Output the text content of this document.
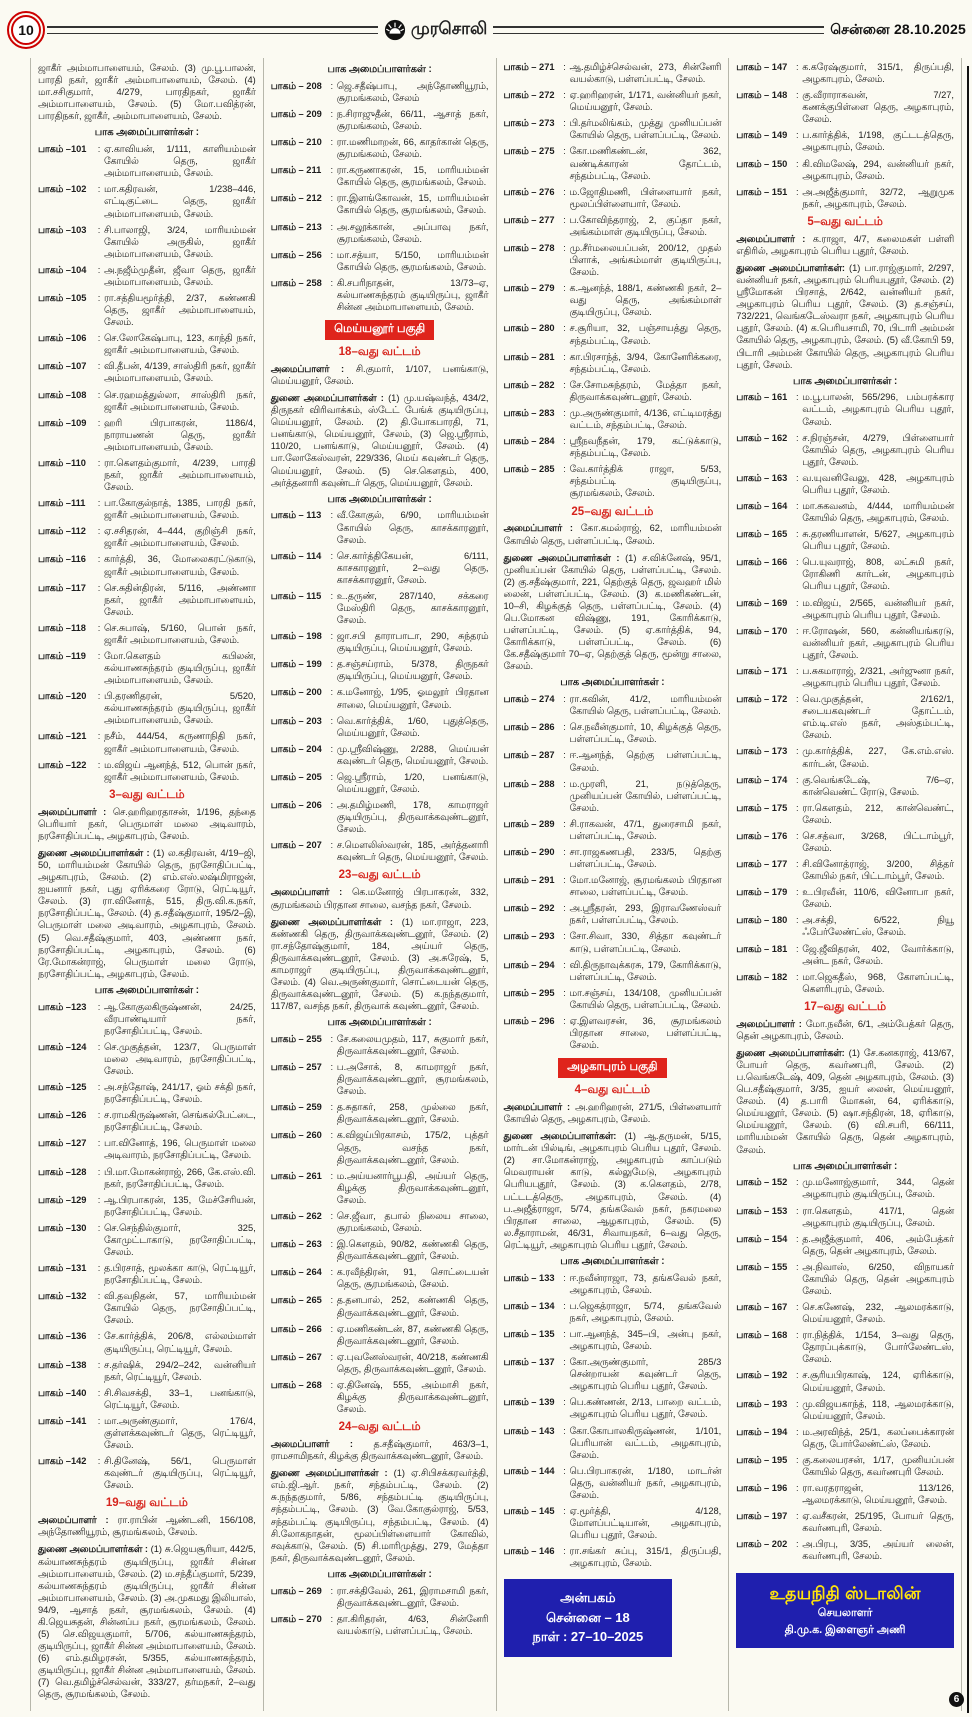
10	முரசொலி	சென்னை 28.10.2025

ஜாகீர் அம்மாபாளையம், சேலம். (3) மு.பூ.பாலன், பாரதி நகர், ஜாகீர் அம்மாபாளையம், சேலம். (4) மா.சசிகுமார், 4/279, பாரதிநகர், ஜாகீர் அம்மாபாளையம், சேலம். (5) மோ.பவித்ரன், பாரதிநகர், ஜாகீர், அம்மாபாளையம், சேலம்.

பாக அமைப்பாளர்கள் :
பாகம் –101	: ஏ.காவியன், 1/111, காளியம்மன் கோயில் தெரு, ஜாகீர் அம்மாபாளையம், சேலம்.
பாகம் –102	: மா.கதிரவன், 1/238–446, எட்டிகுட்டை தெரு, ஜாகீர் அம்மாபாளையம், சேலம்.
பாகம் –103	: சி.பாலாஜி, 3/24, மாரியம்மன் கோயில் அருகில், ஜாகீர் அம்மாபாளையம், சேலம்.
பாகம் –104	: அ.நஜீம்முதீன், ஜீவா தெரு, ஜாகீர் அம்மாபாளையம், சேலம்.
பாகம் –105	: ரா.சத்தியமூர்த்தி, 2/37, கண்ணகி தெரு, ஜாகீர் அம்மாபாளையம், சேலம்.
பாகம் –106	: செ.லோகேஷ்பாபு, 123, காந்தி நகர், ஜாகீர் அம்மாபாளையம், சேலம்.
பாகம் –107	: வி.தீபன், 4/139, சாஸ்திரி நகர், ஜாகீர் அம்மாபாளையம், சேலம்.
பாகம் –108	: செ.ரஹமத்துல்லா, சாஸ்திரி நகர், ஜாகீர் அம்மாபாளையம், சேலம்.
பாகம் –109	: ஹரி பிரபாகரன், 1186/4, நாராயணன் தெரு, ஜாகீர் அம்மாபாளையம், சேலம்.
பாகம் –110	: ரா.கௌதம்குமார், 4/239, பாரதி நகர், ஜாகீர் அம்மாபாளையம், சேலம்.
பாகம் –111	: பா.கோகுல்நாத், 1385, பாரதி நகர், ஜாகீர் அம்மாபாளையம், சேலம்.
பாகம் –112	: ஏ.சசிதரன், 4–444, குறிஞ்சி நகர், ஜாகீர் அம்மாபாளையம், சேலம்.
பாகம் –116	: கார்த்தி, 36, மோலைகரட்டுகாடு, ஜாகீர் அம்மாபாளையம், சேலம்.
பாகம் –117	: செ.சுதின்திரன், 5/116, அண்ணா நகர், ஜாகீர் அம்மாபாளையம், சேலம்.
பாகம் –118	: செ.சுபாஷ், 5/160, பொன் நகர், ஜாகீர் அம்மாபாளையம், சேலம்.
பாகம் –119	: மோ.கௌதம் கபிலன், கல்யாணசுந்தரம் குடியிருப்பு, ஜாகீர் அம்மாபாளையம், சேலம்.
பாகம் –120	: பி.தரணிதரன், 5/520, கல்யாணசுந்தரம் குடியிருப்பு, ஜாகீர் அம்மாபாளையம், சேலம்.
பாகம் –121	: நசீம், 444/54, கருணாநிதி நகர், ஜாகீர் அம்மாபாளையம், சேலம்.
பாகம் –122	: ம.விஜய் ஆனந்த், 512, பொன் நகர், ஜாகீர் அம்மாபாளையம், சேலம்.
3–வது வட்டம்

அமைப்பாளர் : செ.ஹரிஹரதாசன், 1/196, தந்தை பெரியார் நகர், பெருமாள் மலை அடிவாரம், நரசோதிப்பட்டி, அழகாபுரம், சேலம்.

துணை அமைப்பாளர்கள் : (1) ல.கதிரவன், 4/19–ஜி, 50, மாரியம்மன் கோயில் தெரு, நரசோதிப்பட்டி, அழகாபுரம், சேலம். (2) எம்.எஸ்.லஷ்மிராஜன், ஐயனார் நகர், புது ஏரிக்கரை ரோடு, ரெட்டியூர், சேலம். (3) ரா.வினோத், 515, திரு.வி.க.நகர், நரசோதிப்பட்டி, சேலம். (4) த.சதீஷ்குமார், 195/2–இ, பெருமாள் மலை அடிவாரம், அழகாபுரம், சேலம். (5) வெ.சதீஷ்குமார், 403, அண்ணா நகர், நரசோதிப்பட்டி, அழகாபுரம், சேலம். (6) ரே.மோகன்ராஜ், பெருமாள் மலை ரோடு, நரசோதிப்பட்டி, அழகாபுரம், சேலம்.

பாக அமைப்பாளர்கள் :
பாகம் –123	: ஆ.கோகுலகிருஷ்ணன், 24/25, வீரபாண்டியார் நகர், நரசோதிப்பட்டி, சேலம்.
பாகம் –124	: செ.முகுத்தன், 123/7, பெருமாள் மலை அடிவாரம், நரசோதிப்பட்டி, சேலம்.
பாகம் –125	: அ.சந்தோஷ், 241/17, ஓம் சக்தி நகர், நரசோதிப்பட்டி, சேலம்.
பாகம் –126	: ச.ராமகிருஷ்ணன், செங்கல்பேட்டை, நரசோதிப்பட்டி, சேலம்.
பாகம் –127	: பா.வினோத், 196, பெருமாள் மலை அடிவாரம், நரசோதிப்பட்டி, சேலம்.
பாகம் –128	: பி.மா.மோகன்ராஜ், 266, கே.எஸ்.வி. நகர், நரசோதிப்பட்டி, சேலம்.
பாகம் –129	: ஆ.பிரபாகரன், 135, மேச்சேரியன், நரசோதிப்பட்டி, சேலம்.
பாகம் –130	: செ.செந்தில்குமார், 325, கோமுட்டாகாடு, நரசோதிப்பட்டி, சேலம்.
பாகம் –131	: த.பிரசாத், மூலக்கா காடு, ரெட்டியூர், நரசோதிப்பட்டி, சேலம்.
பாகம் –132	: வி.தவநிதன், 57, மாரியம்மன் கோயில் தெரு, நரசோதிப்பட்டி, சேலம்.
பாகம் –136	: சே.கார்த்திக், 206/8, எல்லம்மாள் குடியிருப்பு, ரெட்டியூர், சேலம்.
பாகம் –138	: ச.தர்ஷிக், 294/2–242, வன்னியர் நகர், ரெட்டியூர், சேலம்.
பாகம் –140	: சி.சிவசக்தி, 33–1, பனங்காடு, ரெட்டியூர், சேலம்.
பாகம் –141	: மா.அருண்குமார், 176/4, குள்ளக்கவுண்டர் தெரு, ரெட்டியூர், சேலம்.
பாகம் –142	: சி.தினேஷ், 56/1, பெருமாள் கவுண்டர் குடியிருப்பு, ரெட்டியூர், சேலம்.
19–வது வட்டம்

அமைப்பாளர் : ரா.ராபின் ஆண்டனி, 156/108, அந்தோணியூரம், சூரமங்கலம், சேலம்.

துணை அமைப்பாளர்கள் : (1) சு.ஜெயசூரியா, 442/5, கல்யாணசுந்தரம் குடியிருப்பு, ஜாகீர் சின்ன அம்மாபாளையம், சேலம். (2) ம.சந்தீப்குமார், 5/239, கல்யாணசுந்தரம் குடியிருப்பு, ஜாகீர் சின்ன அம்மாபாளையம், சேலம். (3) அ.முகமது இலியாஸ், 94/9, ஆசாத் நகர், சூரமங்கலம், சேலம். (4) கி.ஜெயசுதன், சின்னப்ப நகர், சூரமங்கலம், சேலம். (5) செ.விஜயகுமார், 5/706, கல்யாணசுந்தரம், குடியிருப்பு, ஜாகீர் சின்ன அம்மாபாளையம், சேலம். (6) எம்.தமிழரசன், 5/355, கல்யாணசுந்தரம், குடியிருப்பு, ஜாகீர் சின்ன அம்மாபாளையம், சேலம். (7) வெ.தமிழ்ச்செல்வன், 333/27, தர்மநகர், 2–வது தெரு, சூரமங்கலம், சேலம்.

பாக அமைப்பாளர்கள் :
பாகம் – 208 : ஜெ.சதீஷ்பாபு, அந்தோணியூரம், சூரமங்கலம், சேலம்
பாகம் – 209 : ந.சிராஜுதீன், 66/11, ஆசாத் நகர், சூரமங்கலம், சேலம்.
பாகம் – 210 : ரா.மணிமாறன், 66, காதர்கான் தெரு, சூரமங்கலம், சேலம்.
பாகம் – 211 : ரா.கருணாகரன், 15, மாரியம்மன் கோயில் தெரு, சூரமங்கலம், சேலம்.
பாகம் – 212 : ரா.இளங்கோவன், 15, மாரியம்மன் கோயில் தெரு, சூரமங்கலம், சேலம்.
பாகம் – 213 : அ.சலூக்கான், அப்பாவு நகர், சூரமங்கலம், சேலம்.
பாகம் – 256 : மா.சத்யா, 5/150, மாரியம்மன் கோயில் தெரு, சூரமங்கலம், சேலம்.
பாகம் – 258 : கி.சபரிநாதன், 13/73–ஏ, கல்யாணசுந்தரம் குடியிருப்பு, ஜாகீர் சின்ன அம்மாபாளையம், சேலம்.
மெய்யனூர் பகுதி
18–வது வட்டம்

அமைப்பாளர் : சி.குமார், 1/107, பனங்காடு, மெய்யனூர், சேலம்.

துணை அமைப்பாளர்கள் : (1) மு.யஷ்வந்த், 434/2, திருநகர் விரிவாக்கம், ஸ்டேட் பேங்க் குடியிருப்பு, மெய்யனூர், சேலம். (2) தி.யோகபாரதி, 71, பனங்காடு, மெய்யனூர், சேலம், (3) ஜெ.ஸ்ரீராம், 110/20, பனங்காடு, மெய்யனூர், சேலம். (4) பா.லோகேஸ்வரன், 229/336, மெய் கவுண்டர் தெரு, மெய்யனூர், சேலம். (5) செ.கௌதம், 400, அர்த்தனாரி கவுண்டர் தெரு, மெய்யனூர், சேலம்.

பாக அமைப்பாளர்கள் :
பாகம் – 113 : வீ.கோகுல், 6/90, மாரியம்மன் கோயில் தெரு, காசக்காரனூர், சேலம்.
பாகம் – 114 : செ.கார்த்திகேயன், 6/111, காசகாரனூர், 2–வது தெரு, காசக்காரனூர், சேலம்.
பாகம் – 115 : உ.தருண், 287/140, சக்கரை மேஸ்திரி தெரு, காசக்காரனூர், சேலம்.
பாகம் – 198 : ஜா.சபி தாராபாடா, 290, சுந்தரம் குடியிருப்பு, மெய்யனூர், சேலம்.
பாகம் – 199 : த.சஞ்சய்ராம், 5/378, திருநகர் குடியிருப்பு, மெய்யனூர், சேலம்.
பாகம் – 200 : க.மனோஜ், 1/95, ஓமலூர் பிரதான சாலை, மெய்யனூர், சேலம்.
பாகம் – 203 : வெ.கார்த்திக், 1/60, புதுத்தெரு, மெய்யனூர், சேலம்.
பாகம் – 204 : மு.ஸ்ரீவிஷ்ணு, 2/288, மெய்யன் கவுண்டர் தெரு, மெய்யனூர், சேலம்.
பாகம் – 205 : ஜெ.ஸ்ரீராம், 1/20, பனங்காடு, மெய்யனூர், சேலம்.
பாகம் – 206 : அ.தமிழ்மணி, 178, காமராஜர் குடியிருப்பு, திருவாக்கவுண்டனூர், சேலம்.
பாகம் – 207 : ச.மௌலிஸ்வரன், 185, அர்த்தனாரி கவுண்டர் தெரு, மெய்யனூர், சேலம்.
23–வது வட்டம்

அமைப்பாளர் : கெ.மனோஜ் பிரபாகரன், 332, சூரமங்கலம் பிரதான சாலை, வசந்த நகர், சேலம்.

துணை அமைப்பாளர்கள் : (1) மா.ராஜா, 223, கண்ணகி தெரு, திருவாக்கவுண்டனூர், சேலம். (2) ரா.சந்தோஷ்குமார், 184, அய்யர் தெரு, திருவாக்கவுண்டனூர், சேலம். (3) அ.சுரேஷ், 5, காமராஜர் குடியிருப்பு, திருவாக்கவுண்டனூர், சேலம். (4) வெ.அருண்குமார், சொட்டையன் தெரு, திருவாக்கவுண்டனூர், சேலம். (5) க.நந்தகுமார், 117/87, வசந்த நகர், திருவாக் கவுண்டனூர், சேலம்.

பாக அமைப்பாளர்கள் :
பாகம் – 255 : சே.கலையமுதம், 117, சுகுமார் நகர், திருவாக்கவுண்டனூர், சேலம்.
பாகம் – 257 : ப.அசோக், 8, காமராஜர் நகர், திருவாக்கவுண்டனூர், சூரமங்கலம், சேலம்.
பாகம் – 259 : த.சுதாகர், 258, முல்லை நகர், திருவாக்கவுண்டனூர், சேலம்.
பாகம் – 260 : க.விஜய்பிரகாசம், 175/2, புத்தர் தெரு, வசந்த நகர், திருவாக்கவுண்டனூர், சேலம்.
பாகம் – 261 : ம.அய்யனார்பூபதி, அய்யர் தெரு, கிழக்கு திருவாக்கவுண்டனூர், சேலம்.
பாகம் – 262 : செ.ஜீவா, தபால் நிலைய சாலை, சூரமங்கலம், சேலம்.
பாகம் – 263 : இ.கௌதம், 90/82, கண்ணகி தெரு, திருவாக்கவுண்டனூர், சேலம்.
பாகம் – 264 : க.ரவீந்திரன், 91, சொட்டையன் தெரு, சூரமங்கலம், சேலம்.
பாகம் – 265 : த.தனபால், 252, கண்ணகி தெரு, திருவாக்கவுண்டனூர், சேலம்.
பாகம் – 266 : ஏ.மணிகண்டன், 87, கண்ணகி தெரு, திருவாக்கவுண்டனூர், சேலம்.
பாகம் – 267 : ஏ.புவனேஸ்வரன், 40/218, கண்ணகி தெரு, திருவாக்கவுண்டனூர், சேலம்.
பாகம் – 268 : ஏ.தினேஷ், 555, அம்மாசி நகர், கிழக்கு திருவாக்கவுண்டனூர், சேலம்.
24–வது வட்டம்

அமைப்பாளர் : த.சதீஷ்குமார், 463/3–1, ராமசாமிநகர், கிழக்கு திருவாக்கவுண்டனூர், சேலம்.

துணை அமைப்பாளர்கள் : (1) ஏ.சிபிசக்கரவர்த்தி, எம்.ஜி.ஆர். நகர், சந்தம்பட்டி, சேலம். (2) சு.நந்தகுமார், 5/86, சந்தம்பட்டி குடியிருப்பு, சந்தம்பட்டி, சேலம். (3) வே.கோகுல்ராஜ், 5/53, சந்தம்பட்டி குடியிருப்பு, சந்தம்பட்டி, சேலம். (4) சி.லோகநாதன், மூலப்பிள்ளையார் கோவில், சவுக்காடு, சேலம். (5) சி.மாரிமுத்து, 279, மேத்தா நகர், திருவாக்கவுண்டனூர், சேலம்.

பாக அமைப்பாளர்கள் :
பாகம் – 269 : ரா.சக்திவேல், 261, இராமசாமி நகர், திருவாக்கவுண்டனூர், சேலம்.
பாகம் – 270 : தா.கிரிதரன், 4/63, சின்னேரி வயல்காடு, பள்ளப்பட்டி, சேலம்.
பாகம் – 271 : ஆ.தமிழ்ச்செல்வன், 273, சின்னேரி வயல்காடு, பள்ளப்பட்டி, சேலம்.
பாகம் – 272 : ஏ.ஹரிஹரன், 1/171, வன்னியர் நகர், மெய்யனூர், சேலம்.
பாகம் – 273 : பி.தர்மலிங்கம், முத்து முனியப்பன் கோயில் தெரு, பள்ளப்பட்டி, சேலம்.
பாகம் – 275 : கோ.மணிகண்டன், 362, வண்டிக்காரன் தோட்டம், சந்தம்பட்டி, சேலம்.
பாகம் – 276 : ம.ஜோதிமணி, பிள்ளையார் நகர், மூலப்பிள்ளையார், சேலம்.
பாகம் – 277 : ப.கோவிந்தராஜ், 2, குப்தா நகர், அங்கம்மாள் குடியிருப்பு, சேலம்.
பாகம் – 278 : மு.சீர்மலையப்பன், 200/12, முதல் பிளாக், அங்கம்மாள் குடியிருப்பு, சேலம்.
பாகம் – 279 : க.ஆனந்த், 188/1, கண்ணகி நகர், 2–வது தெரு, அங்கம்மாள் குடியிருப்பு, சேலம்.
பாகம் – 280 : ச.சூரியா, 32, பஞ்சாயத்து தெரு, சந்தம்பட்டி, சேலம்.
பாகம் – 281 : கா.பிரசாந்த், 3/94, கோனேரிக்கரை, சந்தம்பட்டி, சேலம்.
பாகம் – 282 : சே.சோமசுந்தரம், மேத்தா நகர், திருவாக்கவுண்டனூர், சேலம்.
பாகம் – 283 : மு.அருண்குமார், 4/136, எட்டிமரத்து வட்டம், சந்தம்பட்டி, சேலம்.
பாகம் – 284 : ஸ்ரீநவநீதன், 179, கட்டுக்காடு, சந்தம்பட்டி, சேலம்.
பாகம் – 285 : வே.கார்த்திக் ராஜா, 5/53, சந்தம்பட்டி குடியிருப்பு, சூரமங்கலம், சேலம்.
25–வது வட்டம்

அமைப்பாளர் : கோ.கமல்ராஜ், 62, மாரியம்மன் கோயில் தெரு, பள்ளப்பட்டி, சேலம்.

துணை அமைப்பாளர்கள் : (1) ச.விக்னேஷ், 95/1, முனியப்பன் கோயில் தெரு, பள்ளப்பட்டி, சேலம். (2) கு.சதீஷ்குமார், 221, தெற்குத் தெரு, ஜவஹர் மில் லைன், பள்ளப்பட்டி, சேலம். (3) க.மணிகண்டன், 10–சி, கிழக்குத் தெரு, பள்ளப்பட்டி, சேலம். (4) பெ.மோகன விஷ்ணு, 191, கோரிக்காடு, பள்ளப்பட்டி, சேலம். (5) ஏ.கார்த்திக், 94, கோரிக்காடு, பள்ளப்பட்டி, சேலம். (6) கே.சதீஷ்குமார் 70–ஏ, தெற்குத் தெரு, மூன்று சாலை, சேலம்.

பாக அமைப்பாளர்கள் :
பாகம் – 274 : ரா.கவின், 41/2, மாரியம்மன் கோயில் தெரு, பள்ளப்பட்டி, சேலம்.
பாகம் – 286 : செ.நவீன்குமார், 10, கிழக்குத் தெரு, பள்ளப்பட்டி, சேலம்.
பாகம் – 287 : ஈ.ஆனந்த், தெற்கு பள்ளப்பட்டி, சேலம்.
பாகம் – 288 : ம.முரளி, 21, நடுத்தெரு, முனியப்பன் கோயில், பள்ளப்பட்டி, சேலம்.
பாகம் – 289 : சி.ராகவன், 47/1, துரைசாமி நகர், பள்ளப்பட்டி, சேலம்.
பாகம் – 290 : சா.ராஜகணபதி, 233/5, தெற்கு பள்ளப்பட்டி, சேலம்.
பாகம் – 291 : மோ.மனோஜ், சூரமங்கலம் பிரதான சாலை, பள்ளப்பட்டி, சேலம்.
பாகம் – 292 : அ.ஸ்ரீதரன், 293, இராவணேஸ்வர் நகர், பள்ளப்பட்டி, சேலம்.
பாகம் – 293 : சோ.சிவா, 330, சித்தா கவுண்டர் காடு, பள்ளப்பட்டி, சேலம்.
பாகம் – 294 : வி.திருநாவுக்கரசு, 179, கோரிக்காடு, பள்ளப்பட்டி, சேலம்.
பாகம் – 295 : மா.சஞ்சய், 134/108, முனியப்பன் கோயில் தெரு, பள்ளப்பட்டி, சேலம்.
பாகம் – 296 : ஏ.இளவரசன், 36, சூரமங்கலம் பிரதான சாலை, பள்ளப்பட்டி, சேலம்.
அழகாபுரம் பகுதி
4–வது வட்டம்

அமைப்பாளர் : அ.ஹரிஹரன், 271/5, பிள்ளையார் கோயில் தெரு, அழகாபுரம், சேலம்.

துணை அமைப்பாளர்கள்: (1) ஆ.தருமன், 5/15, மார்டன் பில்டிங், அழகாபுரம் பெரிய புதூர், சேலம். (2) சா.மோகன்ராஜ், அழகாபுரம் காப்படும் மெவராயன் காடு, கல்லுமேடு, அழகாபுரம் பெரியபுதூர், சேலம். (3) க.கௌதம், 2/78, பட்டடத்தெரு, அழகாபுரம், சேலம். (4) ப.அஜீத்ராஜா, 5/74, தங்கவேல் நகர், நகரமலை பிரதான சாலை, ஆழகாபுரம், சேலம். (5) ல.சீதாராமன், 46/31, சிவாயநகர், 6–வது தெரு, ரெட்டியூர், அழகாபுரம் பெரிய புதூர், சேலம்.

பாக அமைப்பாளர்கள் :
பாகம் – 133 : ஈ.நவீன்ராஜா, 73, தங்கவேல் நகர், அழகாபுரம், சேலம்.
பாகம் – 134 : ப.ஜெகத்ராஜா, 5/74, தங்கவேல் நகர், அழகாபுரம், சேலம்.
பாகம் – 135 : பா.ஆனந்த், 345–பி, அன்பு நகர், அழகாபுரம், சேலம்.
பாகம் – 137 : கோ.அருண்குமார், 285/3 சென்றாயன் கவுண்டர் தெரு, அழகாபுரம் பெரிய புதூர், சேலம்.
பாகம் – 139 : பெ.கண்ணன், 2/13, பாறை வட்டம், அழகாபுரம் பெரிய புதூர், சேலம்.
பாகம் – 143 : கோ.கோபாலகிருஷ்ணன், 1/101, பெரியான் வட்டம், அழகாபுரம், சேலம்.
பாகம் – 144 : பெ.பிரபாகரன், 1/180, மாடர்ன் தெரு, வன்னியர் நகர், அழகாபுரம், சேலம்.
பாகம் – 145 : ஏ.மூர்த்தி, 4/128, மோளப்பட்டியான், அழகாபுரம், பெரிய புதூர், சேலம்.
பாகம் – 146 : ரா.சங்கர் சுப்பு, 315/1, திருப்பதி, அழகாபுரம், சேலம்.
அன்பகம்
சென்னை – 18
நாள் : 27–10–2025
பாகம் – 147 : க.கரேஷ்குமார், 315/1, திருப்பதி, அழகாபுரம், சேலம்.
பாகம் – 148 : கு.வீராராகவன், 7/27, கணக்குபிள்ளை தெரு, அழகாபுரம், சேலம்.
பாகம் – 149 : ப.கார்த்திக், 1/198, குட்டடத்தெரு, அழகாபுரம், சேலம்.
பாகம் – 150 : கி.விமலேஷ், 294, வன்னியர் நகர், அழகாபுரம், சேலம்.
பாகம் – 151 : அ.அஜீத்குமார், 32/72, ஆறுமுக நகர், அழகாபுரம், சேலம்.
5–வது வட்டம்

அமைப்பாளர் : க.ராஜா, 4/7, கலைமகள் பள்ளி எதிரில், அழகாபுரம் பெரிய புதூர், சேலம்.

துணை அமைப்பாளர்கள்: (1) பா.ராஜ்குமார், 2/297, வன்னியர் நகர், அழகாபுரம் பெரியபுதூர், சேலம். (2) ஸ்ரீமோகன் பிரசாத், 2/642, வன்னியர் நகர், அழகாபுரம் பெரிய புதூர், சேலம். (3) த.சஞ்சய், 732/221, வெங்கடேஸ்வரா நகர், அழகாபுரம் பெரிய புதூர், சேலம். (4) க.பெரியசாமி, 70, பிடாரி அம்மன் கோயில் தெரு, அழகாபுரம், சேலம். (5) வீ.கோபி 59, பிடாரி அம்மன் கோயில் தெரு, அழகாபுரம் பெரிய புதூர், சேலம்.

பாக அமைப்பாளர்கள் :
பாகம் – 161 : ம.பூ.பாலன், 565/296, பம்பரக்கார வட்டம், அழகாபுரம் பெரிய புதூர், சேலம்.
பாகம் – 162 : ச.நிரஞ்சன், 4/279, பிள்ளையார் கோயில் தெரு, அழகாபுரம் பெரிய புதூர், சேலம்.
பாகம் – 163 : வ.யுவனிவேலு, 428, அழகாபுரம் பெரிய புதூர், சேலம்.
பாகம் – 164 : மா.சுகவனம், 4/444, மாரியம்மன் கோயில் தெரு, அழகாபுரம், சேலம்.
பாகம் – 165 : சு.தரணியாளன், 5/627, அழகாபுரம் பெரிய புதூர், சேலம்.
பாகம் – 166 : பெ.யுவராஜ், 808, லட்சுமி நகர், ரோகிணி கார்டன், அழகாபுரம் பெரிய புதூர், சேலம்.
பாகம் – 169 : ம.விஜய், 2/565, வன்னியர் நகர், அழகாபுரம் பெரிய புதூர், சேலம்.
பாகம் – 170 : ஈ.ரோஷன், 560, கன்னியங்கரடு, வன்னியர் நகர், அழகாபுரம் பெரிய புதூர், சேலம்.
பாகம் – 171 : ப.சுகமாராஜ், 2/321, அர்ஜுனா நகர், அழகாபுரம் பெரிய புதூர், சேலம்.
பாகம் – 172 : வெ.முகுத்தன், 2/162/1, சடையகவுண்டர் தோட்டம், எம்.டி.எஸ் நகர், அஸ்தம்பட்டி, சேலம்.
பாகம் – 173 : மு.கார்த்திக், 227, கே.எம்.எஸ். கார்டன், சேலம்.
பாகம் – 174 : கு.வெங்கடேஷ், 7/6–ஏ, கான்வெண்ட் ரோடு, சேலம்.
பாகம் – 175 : ரா.கௌதம், 212, கான்வெண்ட், சேலம்.
பாகம் – 176 : செ.சத்வா, 3/268, பிட்டாம்பூர், சேலம்.
பாகம் – 177 : சி.வினோத்ராஜ், 3/200, சித்தர் கோயில் நகர், பிட்டாம்பூர், சேலம்.
பாகம் – 179 : உ.பிரவீன், 110/6, வினோபா நகர், சேலம்.
பாகம் – 180 : அ.சக்தி, 6/522, நியூ ஃபேர்லேண்ட்ஸ், சேலம்.
பாகம் – 181 : ஜே.ஜீவிதரன், 402, வோர்க்காடு, அன்ட நகர், சேலம்.
பாகம் – 182 : மா.ஜெகதீஸ், 968, கோளப்பட்டி, கௌரிபுரம், சேலம்.
17–வது வட்டம்

அமைப்பாளர் : மோ.நவீன், 6/1, அம்பேத்கர் தெரு, தென் அழகாபுரம், சேலம்.

துணை அமைப்பாளர்கள்: (1) சே.கனகராஜ், 413/67, போயர் தெரு, கவர்ணபுரி, சேலம். (2) ப.வெங்கடேஷ், 409, தென் அழகாபுரம், சேலம். (3) பெ.சதீஷ்குமார், 3/35, ஐயர் லைன், மெய்யனூர், சேலம். (4) த.பாரி மோகன், 64, ஏரிக்காடு, மெய்யனூர், சேலம். (5) ஷா.சந்திரன், 18, ஏரிகாடு, மெய்யனூர், சேலம். (6) வி.சபரி, 66/111, மாரியம்மன் கோயில் தெரு, தென் அழகாபுரம், சேலம்.

பாக அமைப்பாளர்கள் :
பாகம் – 152 : மு.மனோஜ்குமார், 344, தென் அழகாபுரம் குடியிருப்பு, சேலம்.
பாகம் – 153 : ரா.கௌதம், 417/1, தென் அழகாபுரம் குடியிருப்பு, சேலம்.
பாகம் – 154 : த.அஜீத்குமார், 406, அம்பேத்கர் தெரு, தென் அழகாபுரம், சேலம்.
பாகம் – 155 : அ.நிவாஸ், 6/250, விநாயகர் கோயில் தெரு, தென் அழகாபுரம் சேலம்.
பாகம் – 167 : செ.கணேஷ், 232, ஆலமரக்காடு, மெய்யனூர், சேலம்.
பாகம் – 168 : ரா.நித்திக், 1/154, 3–வது தெரு, தோரப்புக்காடு, போர்லேண்டஸ், சேலம்.
பாகம் – 192 : ச.சூரியபிரகாஷ், 124, ஏரிக்காடு, மெய்யனூர், சேலம்.
பாகம் – 193 : மு.விஜயகாந்த், 118, ஆலமரக்காடு, மெய்யனூர், சேலம்.
பாகம் – 194 : ம.அரவிந்த், 25/1, கலப்பைக்காரன் தெரு, போர்லேண்ட்ஸ், சேலம்.
பாகம் – 195 : கு.கலையரசன், 1/17, முனியப்பன் கோயில் தெரு, கவர்ணபுரி சேலம்.
பாகம் – 196 : ரா.வரதராஜன், 113/126, ஆலமரக்காடு, மெய்யனூர், சேலம்.
பாகம் – 197 : ஏ.வசீகரன், 25/195, போயர் தெரு, கவர்ணபுரி, சேலம்.
பாகம் – 202 : அ.பிரபு, 3/35, அய்யர் லைன், கவர்ணபுரி, சேலம்.
உதயநிதி ஸ்டாலின்
செயலாளர்
தி.மு.க. இளைஞர் அணி
6
